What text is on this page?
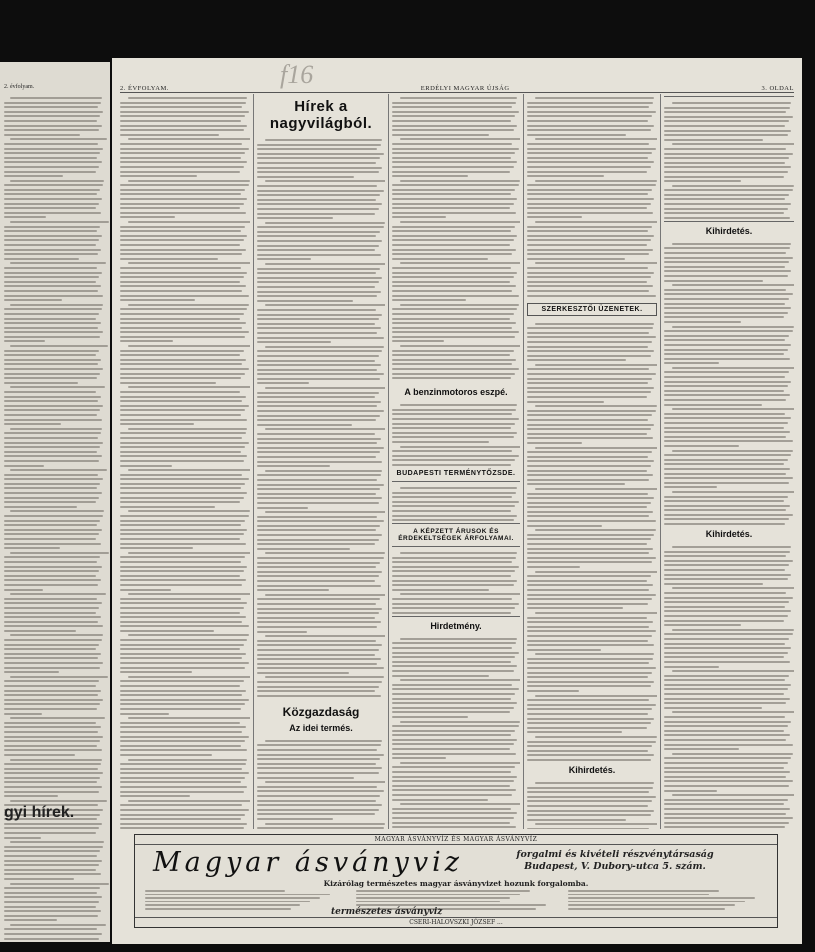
2. évfolyam.
gyi hírek.
f16
2. ÉVFOLYAM.	ERDÉLYI MAGYAR ÚJSÁG	3. OLDAL
Hírek a nagyvilágból.
Közgazdaság
Az idei termés.
A benzinmotoros eszpé.
BUDAPESTI TERMÉNYTŐZSDE.
A KÉPZETT ÁRUSOK ÉS ÉRDEKELTSÉGEK ÁRFOLYAMAI.
Hirdetmény.
SZERKESZTŐI ÜZENETEK.
Kihirdetés.
Kihirdetés.
Kihirdetés.
MAGYAR ÁSVÁNYVÍZ ÉS MAGYAR ÁSVÁNYVÍZ
Magyar ásványviz	forgalmi és kivételi részvénytársaság
Budapest, V. Dubory-utca 5. szám.
Kizárólag természetes magyar ásványvizet hozunk forgalomba.
természetes ásványviz
CSERI-HALOVSZKI JÓZSEF ...
